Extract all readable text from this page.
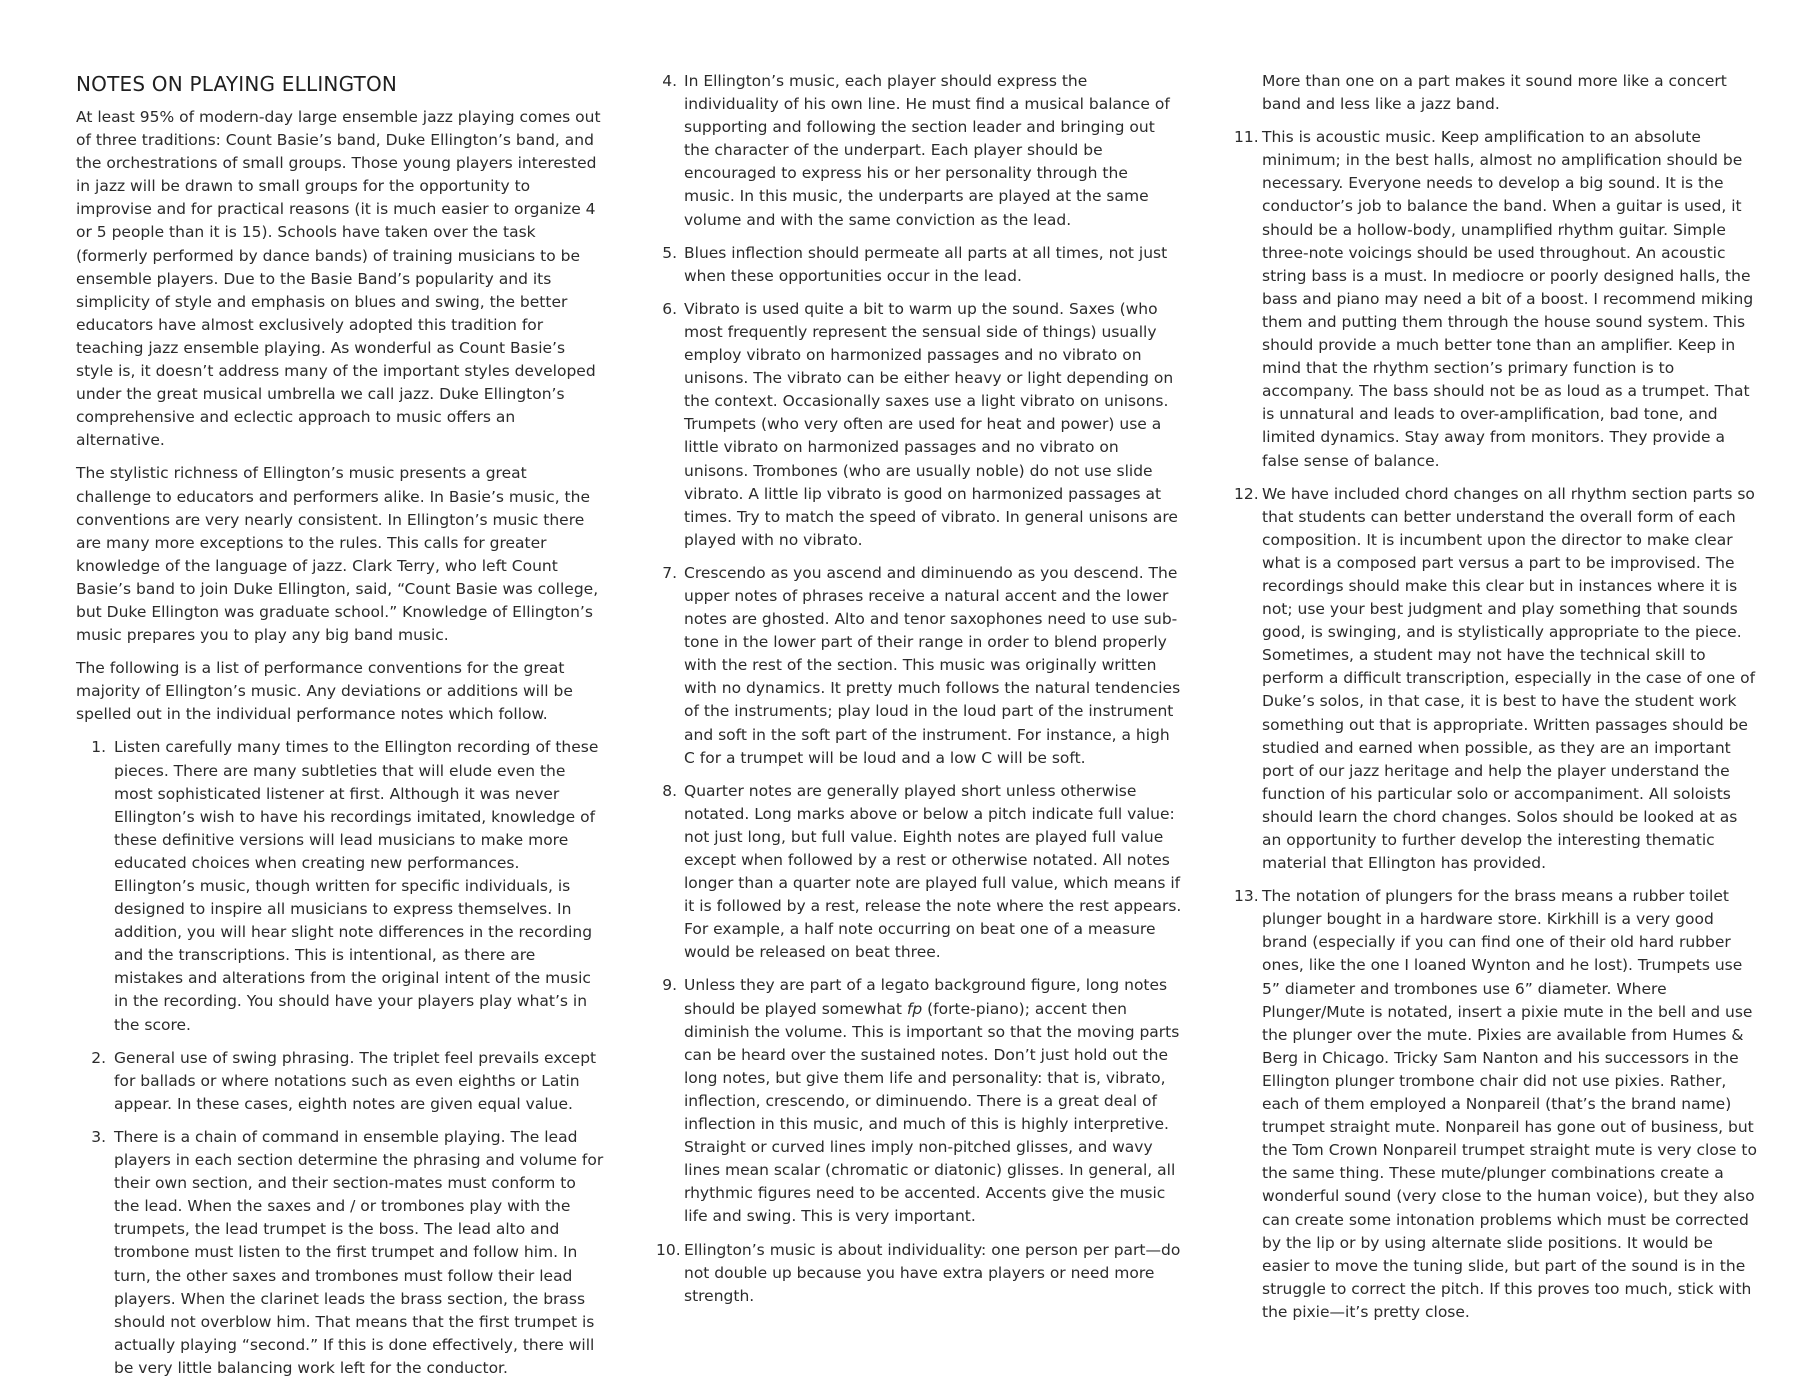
NOTES ON PLAYING ELLINGTON

At least 95% of modern-day large ensemble jazz playing comes out of three traditions: Count Basie’s band, Duke Ellington’s band, and the orchestrations of small groups. Those young players interested in jazz will be drawn to small groups for the opportunity to improvise and for practical reasons (it is much easier to organize 4 or 5 people than it is 15). Schools have taken over the task (formerly performed by dance bands) of training musicians to be ensemble players. Due to the Basie Band’s popularity and its simplicity of style and emphasis on blues and swing, the better educators have almost exclusively adopted this tradition for teaching jazz ensemble playing. As wonderful as Count Basie’s style is, it doesn’t address many of the important styles developed under the great musical umbrella we call jazz. Duke Ellington’s comprehensive and eclectic approach to music offers an alternative.

The stylistic richness of Ellington’s music presents a great challenge to educators and performers alike. In Basie’s music, the conventions are very nearly consistent. In Ellington’s music there are many more exceptions to the rules. This calls for greater knowledge of the language of jazz. Clark Terry, who left Count Basie’s band to join Duke Ellington, said, “Count Basie was college, but Duke Ellington was graduate school.” Knowledge of Ellington’s music prepares you to play any big band music.

The following is a list of performance conventions for the great majority of Ellington’s music. Any deviations or additions will be spelled out in the individual performance notes which follow.

1. Listen carefully many times to the Ellington recording of these pieces. There are many subtleties that will elude even the most sophisticated listener at first. Although it was never Ellington’s wish to have his recordings imitated, knowledge of these definitive versions will lead musicians to make more educated choices when creating new performances. Ellington’s music, though written for specific individuals, is designed to inspire all musicians to express themselves. In addition, you will hear slight note differences in the recording and the transcriptions. This is intentional, as there are mistakes and alterations from the original intent of the music in the recording. You should have your players play what’s in the score.
2. General use of swing phrasing. The triplet feel prevails except for ballads or where notations such as even eighths or Latin appear. In these cases, eighth notes are given equal value.
3. There is a chain of command in ensemble playing. The lead players in each section determine the phrasing and volume for their own section, and their section-mates must conform to the lead. When the saxes and / or trombones play with the trumpets, the lead trumpet is the boss. The lead alto and trombone must listen to the first trumpet and follow him. In turn, the other saxes and trombones must follow their lead players. When the clarinet leads the brass section, the brass should not overblow him. That means that the first trumpet is actually playing “second.” If this is done effectively, there will be very little balancing work left for the conductor.
4. In Ellington’s music, each player should express the individuality of his own line. He must find a musical balance of supporting and following the section leader and bringing out the character of the underpart. Each player should be encouraged to express his or her personality through the music. In this music, the underparts are played at the same volume and with the same conviction as the lead.
5. Blues inflection should permeate all parts at all times, not just when these opportunities occur in the lead.
6. Vibrato is used quite a bit to warm up the sound. Saxes (who most frequently represent the sensual side of things) usually employ vibrato on harmonized passages and no vibrato on unisons. The vibrato can be either heavy or light depending on the context. Occasionally saxes use a light vibrato on unisons. Trumpets (who very often are used for heat and power) use a little vibrato on harmonized passages and no vibrato on unisons. Trombones (who are usually noble) do not use slide vibrato. A little lip vibrato is good on harmonized passages at times. Try to match the speed of vibrato. In general unisons are played with no vibrato.
7. Crescendo as you ascend and diminuendo as you descend. The upper notes of phrases receive a natural accent and the lower notes are ghosted. Alto and tenor saxophones need to use sub-tone in the lower part of their range in order to blend properly with the rest of the section. This music was originally written with no dynamics. It pretty much follows the natural tendencies of the instruments; play loud in the loud part of the instrument and soft in the soft part of the instrument. For instance, a high C for a trumpet will be loud and a low C will be soft.
8. Quarter notes are generally played short unless otherwise notated. Long marks above or below a pitch indicate full value: not just long, but full value. Eighth notes are played full value except when followed by a rest or otherwise notated. All notes longer than a quarter note are played full value, which means if it is followed by a rest, release the note where the rest appears. For example, a half note occurring on beat one of a measure would be released on beat three.
9. Unless they are part of a legato background figure, long notes should be played somewhat fp (forte-piano); accent then diminish the volume. This is important so that the moving parts can be heard over the sustained notes. Don’t just hold out the long notes, but give them life and personality: that is, vibrato, inflection, crescendo, or diminuendo. There is a great deal of inflection in this music, and much of this is highly interpretive. Straight or curved lines imply non-pitched glisses, and wavy lines mean scalar (chromatic or diatonic) glisses. In general, all rhythmic figures need to be accented. Accents give the music life and swing. This is very important.
10. Ellington’s music is about individuality: one person per part—do not double up because you have extra players or need more strength.

More than one on a part makes it sound more like a concert band and less like a jazz band.

11. This is acoustic music. Keep amplification to an absolute minimum; in the best halls, almost no amplification should be necessary. Everyone needs to develop a big sound. It is the conductor’s job to balance the band. When a guitar is used, it should be a hollow-body, unamplified rhythm guitar. Simple three-note voicings should be used throughout. An acoustic string bass is a must. In mediocre or poorly designed halls, the bass and piano may need a bit of a boost. I recommend miking them and putting them through the house sound system. This should provide a much better tone than an amplifier. Keep in mind that the rhythm section’s primary function is to accompany. The bass should not be as loud as a trumpet. That is unnatural and leads to over-amplification, bad tone, and limited dynamics. Stay away from monitors. They provide a false sense of balance.
12. We have included chord changes on all rhythm section parts so that students can better understand the overall form of each composition. It is incumbent upon the director to make clear what is a composed part versus a part to be improvised. The recordings should make this clear but in instances where it is not; use your best judgment and play something that sounds good, is swinging, and is stylistically appropriate to the piece. Sometimes, a student may not have the technical skill to perform a difficult transcription, especially in the case of one of Duke’s solos, in that case, it is best to have the student work something out that is appropriate. Written passages should be studied and earned when possible, as they are an important port of our jazz heritage and help the player understand the function of his particular solo or accompaniment. All soloists should learn the chord changes. Solos should be looked at as an opportunity to further develop the interesting thematic material that Ellington has provided.
13. The notation of plungers for the brass means a rubber toilet plunger bought in a hardware store. Kirkhill is a very good brand (especially if you can find one of their old hard rubber ones, like the one I loaned Wynton and he lost). Trumpets use 5” diameter and trombones use 6” diameter. Where Plunger/Mute is notated, insert a pixie mute in the bell and use the plunger over the mute. Pixies are available from Humes & Berg in Chicago. Tricky Sam Nanton and his successors in the Ellington plunger trombone chair did not use pixies. Rather, each of them employed a Nonpareil (that’s the brand name) trumpet straight mute. Nonpareil has gone out of business, but the Tom Crown Nonpareil trumpet straight mute is very close to the same thing. These mute/plunger combinations create a wonderful sound (very close to the human voice), but they also can create some intonation problems which must be corrected by the lip or by using alternate slide positions. It would be easier to move the tuning slide, but part of the sound is in the struggle to correct the pitch. If this proves too much, stick with the pixie—it’s pretty close.
